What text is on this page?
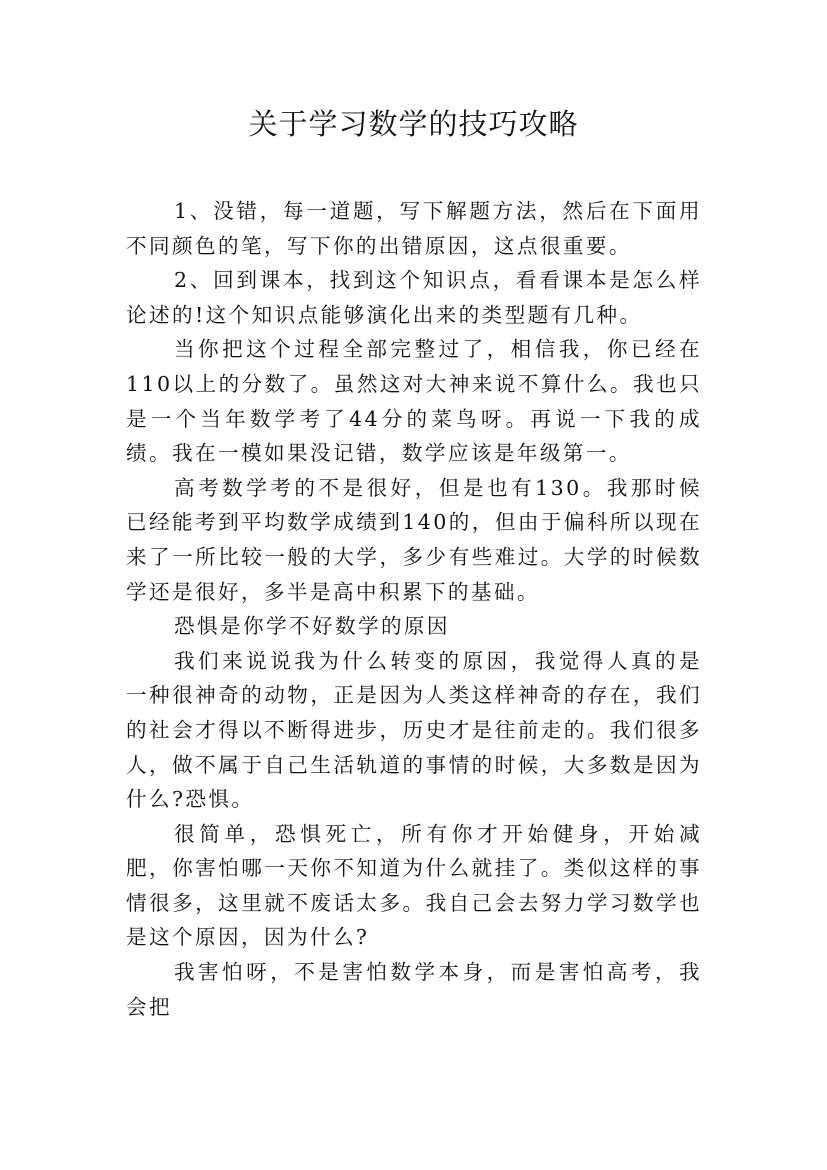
关于学习数学的技巧攻略

1、没错，每一道题，写下解题方法，然后在下面用不同颜色的笔，写下你的出错原因，这点很重要。

2、回到课本，找到这个知识点，看看课本是怎么样论述的!这个知识点能够演化出来的类型题有几种。

当你把这个过程全部完整过了，相信我，你已经在110以上的分数了。虽然这对大神来说不算什么。我也只是一个当年数学考了44分的菜鸟呀。再说一下我的成绩。我在一模如果没记错，数学应该是年级第一。

高考数学考的不是很好，但是也有130。我那时候已经能考到平均数学成绩到140的，但由于偏科所以现在来了一所比较一般的大学，多少有些难过。大学的时候数学还是很好，多半是高中积累下的基础。

恐惧是你学不好数学的原因

我们来说说我为什么转变的原因，我觉得人真的是一种很神奇的动物，正是因为人类这样神奇的存在，我们的社会才得以不断得进步，历史才是往前走的。我们很多人，做不属于自己生活轨道的事情的时候，大多数是因为什么?恐惧。

很简单，恐惧死亡，所有你才开始健身，开始减肥，你害怕哪一天你不知道为什么就挂了。类似这样的事情很多，这里就不废话太多。我自己会去努力学习数学也是这个原因，因为什么?

我害怕呀，不是害怕数学本身，而是害怕高考，我会把
